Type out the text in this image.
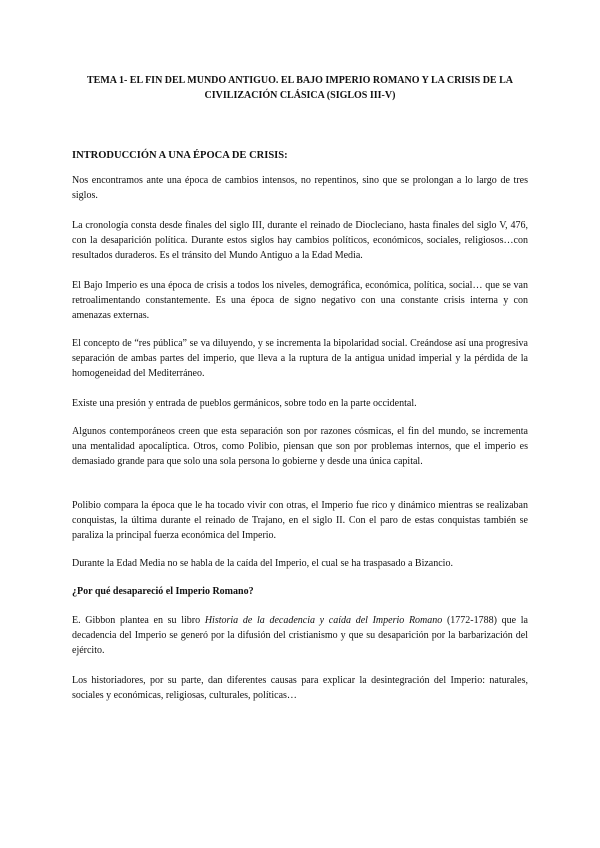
TEMA 1- EL FIN DEL MUNDO ANTIGUO. EL BAJO IMPERIO ROMANO Y LA CRISIS DE LA CIVILIZACIÓN CLÁSICA (SIGLOS III-V)
INTRODUCCIÓN A UNA ÉPOCA DE CRISIS:

Nos encontramos ante una época de cambios intensos, no repentinos, sino que se prolongan a lo largo de tres siglos.

La cronología consta desde finales del siglo III, durante el reinado de Diocleciano, hasta finales del siglo V, 476, con la desaparición política. Durante estos siglos hay cambios políticos, económicos, sociales, religiosos…con resultados duraderos. Es el tránsito del Mundo Antiguo a la Edad Media.

El Bajo Imperio es una época de crisis a todos los niveles, demográfica, económica, política, social… que se van retroalimentando constantemente. Es una época de signo negativo con una constante crisis interna y con amenazas externas.

El concepto de “res pública” se va diluyendo, y se incrementa la bipolaridad social. Creándose así una progresiva separación de ambas partes del imperio, que lleva a la ruptura de la antigua unidad imperial y la pérdida de la homogeneidad del Mediterráneo.

Existe una presión y entrada de pueblos germánicos, sobre todo en la parte occidental.

Algunos contemporáneos creen que esta separación son por razones cósmicas, el fin del mundo, se incrementa una mentalidad apocalíptica. Otros, como Polibio, piensan que son por problemas internos, que el imperio es demasiado grande para que solo una sola persona lo gobierne y desde una única capital.

Polibio compara la época que le ha tocado vivir con otras, el Imperio fue rico y dinámico mientras se realizaban conquistas, la última durante el reinado de Trajano, en el siglo II. Con el paro de estas conquistas también se paraliza la principal fuerza económica del Imperio.

Durante la Edad Media no se habla de la caída del Imperio, el cual se ha traspasado a Bizancio.

¿Por qué desapareció el Imperio Romano?

E. Gibbon plantea en su libro Historia de la decadencia y caída del Imperio Romano (1772-1788) que la decadencia del Imperio se generó por la difusión del cristianismo y que su desaparición por la barbarización del ejército.

Los historiadores, por su parte, dan diferentes causas para explicar la desintegración del Imperio: naturales, sociales y económicas, religiosas, culturales, políticas…
